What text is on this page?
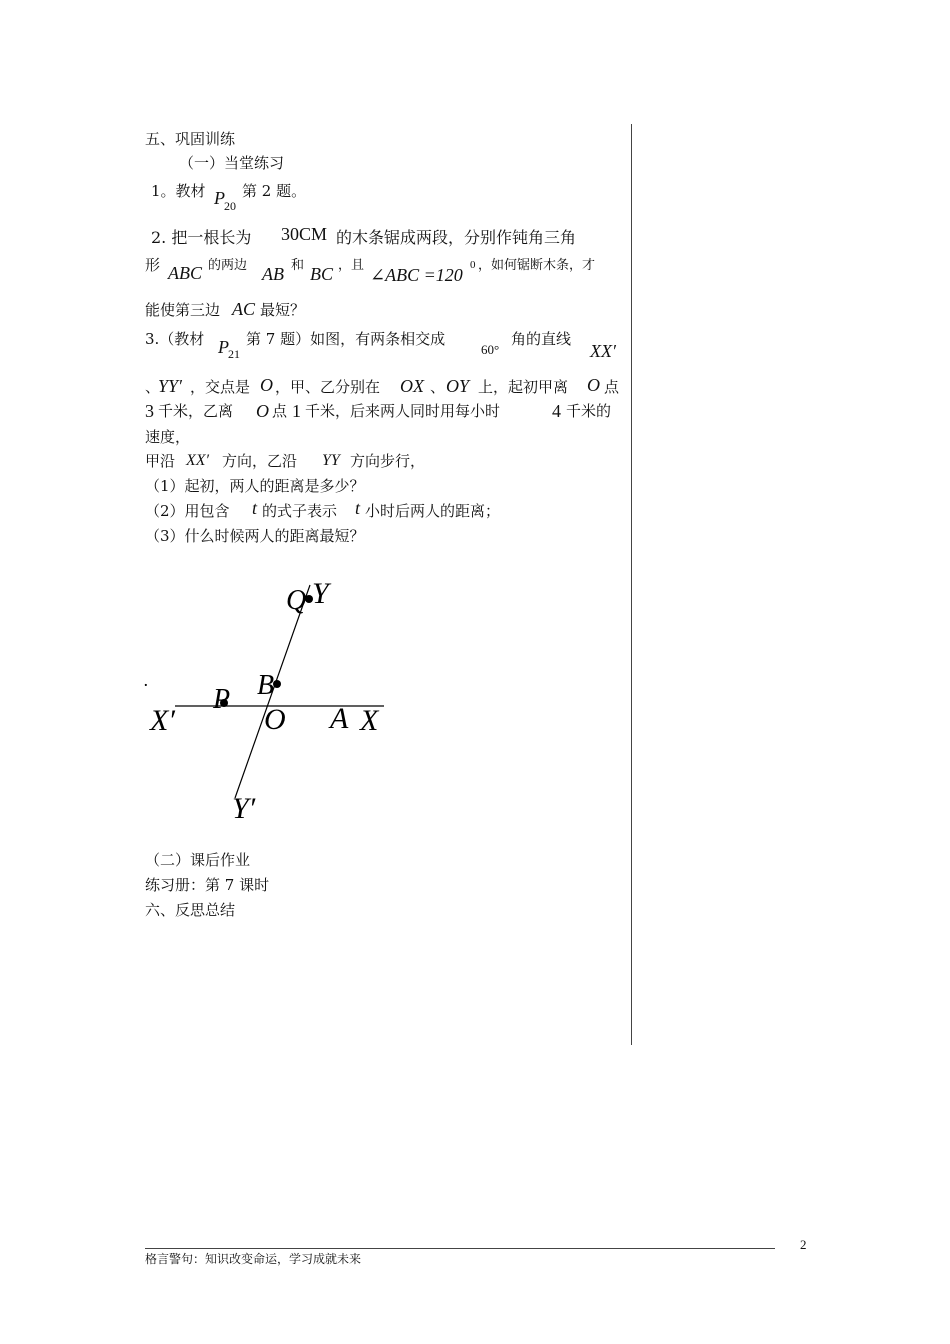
五、巩固训练
（一）当堂练习
1。教材 P 20
第 2 题。
2. 把一根长为 30CM 的木条锯成两段，分别作钝角三角
形 ABC 的两边 AB 和 BC ，且 ∠ABC =120 0 ，如何锯断木条，才
能使第三边 AC 最短？
3.（教材 P 21
第 7 题）如图，有两条相交成
60°
角的直线
XX′
、
YY′ ，交点是 O ，甲、乙分别在 OX 、 OY 上，起初甲离 O 点
3 千米，乙离 O 点 1 千米，后来两人同时用每小时	4 千米的
速度，
甲沿 XX′ 方向，乙沿 YY 方向步行，
（1）起初，两人的距离是多少？
（2）用包含 t 的式子表示 t 小时后两人的距离；
（3）什么时候两人的距离最短？
Q Y
B
P
O A X
X′
Y′
.
（二）课后作业
练习册：第 7 课时
六、反思总结
格言警句：知识改变命运，学习成就未来
2
